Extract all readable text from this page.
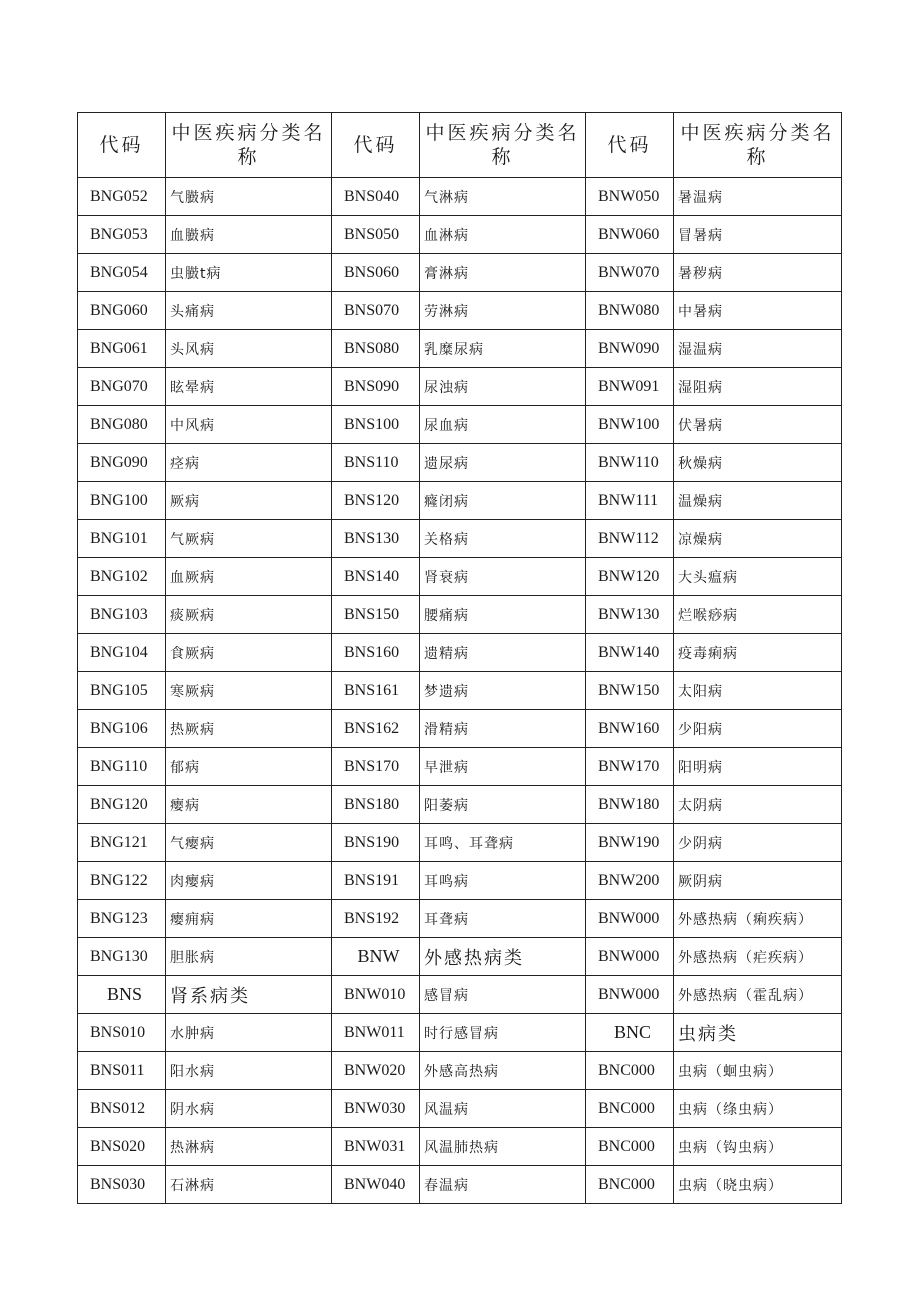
代码	中医疾病分类名称	代码	中医疾病分类名称	代码	中医疾病分类名称
BNG052	气臌病	BNS040	气淋病	BNW050	暑温病
BNG053	血臌病	BNS050	血淋病	BNW060	冒暑病
BNG054	虫臌t病	BNS060	膏淋病	BNW070	暑秽病
BNG060	头痛病	BNS070	劳淋病	BNW080	中暑病
BNG061	头风病	BNS080	乳糜尿病	BNW090	湿温病
BNG070	眩晕病	BNS090	尿浊病	BNW091	湿阻病
BNG080	中风病	BNS100	尿血病	BNW100	伏暑病
BNG090	痉病	BNS110	遗尿病	BNW110	秋燥病
BNG100	厥病	BNS120	癃闭病	BNW111	温燥病
BNG101	气厥病	BNS130	关格病	BNW112	凉燥病
BNG102	血厥病	BNS140	肾衰病	BNW120	大头瘟病
BNG103	痰厥病	BNS150	腰痛病	BNW130	烂喉痧病
BNG104	食厥病	BNS160	遗精病	BNW140	疫毒痢病
BNG105	寒厥病	BNS161	梦遗病	BNW150	太阳病
BNG106	热厥病	BNS162	滑精病	BNW160	少阳病
BNG110	郁病	BNS170	早泄病	BNW170	阳明病
BNG120	瘿病	BNS180	阳萎病	BNW180	太阴病
BNG121	气瘿病	BNS190	耳鸣、耳聋病	BNW190	少阴病
BNG122	肉瘿病	BNS191	耳鸣病	BNW200	厥阴病
BNG123	瘿痈病	BNS192	耳聋病	BNW000	外感热病（痢疾病）
BNG130	胆胀病	BNW	外感热病类	BNW000	外感热病（疟疾病）
BNS	肾系病类	BNW010	感冒病	BNW000	外感热病（霍乱病）
BNS010	水肿病	BNW011	时行感冒病	BNC	虫病类
BNS011	阳水病	BNW020	外感高热病	BNC000	虫病（蛔虫病）
BNS012	阴水病	BNW030	风温病	BNC000	虫病（绦虫病）
BNS020	热淋病	BNW031	风温肺热病	BNC000	虫病（钩虫病）
BNS030	石淋病	BNW040	春温病	BNC000	虫病（晓虫病）
